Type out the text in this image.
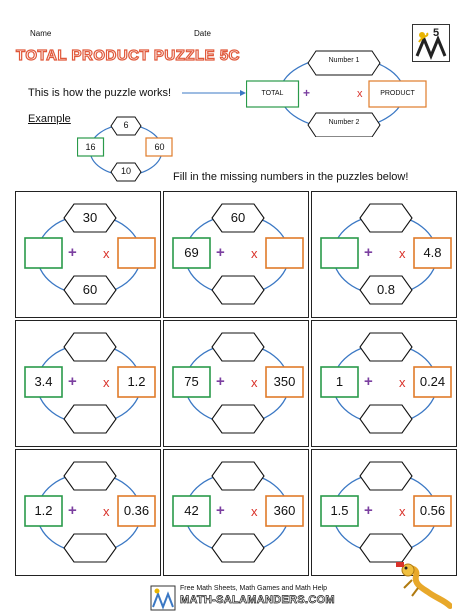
Name	Date
TOTAL PRODUCT PUZZLE 5C
5
This is how the puzzle works!
Number 1
Number 2
TOTAL	PRODUCT
+	x
Example	6
10
16	60
Fill in the missing numbers in the puzzles below!
30
60
+ x
60
69	+ x
0.8
4.8
+ x
3.4	1.2
+ x	75	350
+ x	1	0.24
+ x
1.2	0.36
+ x	42	360
+ x	1.5	0.56
+ x
Free Math Sheets, Math Games and Math Help
MATH-SALAMANDERS.COM
